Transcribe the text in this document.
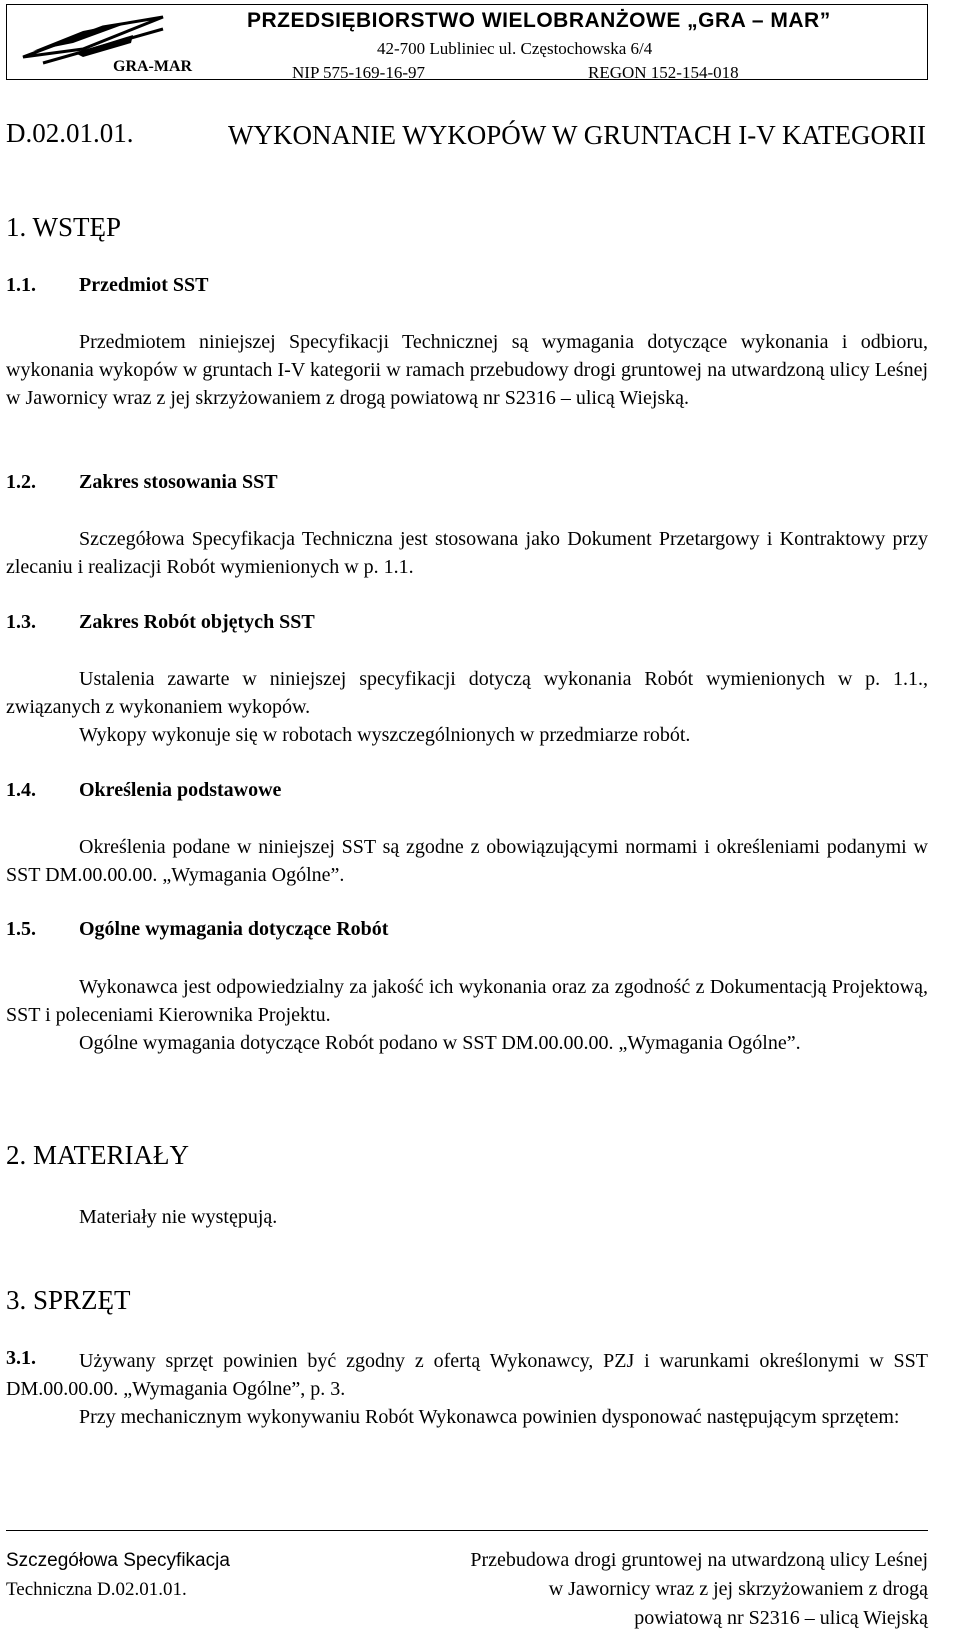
GRA-MAR
PRZEDSIĘBIORSTWO WIELOBRANŻOWE „GRA – MAR”
42-700 Lubliniec ul. Częstochowska 6/4
NIP 575-169-16-97	REGON 152-154-018
D.02.01.01.	WYKONANIE WYKOPÓW W GRUNTACH I-V KATEGORII
1. WSTĘP
1.1. Przedmiot SST
Przedmiotem niniejszej Specyfikacji Technicznej są wymagania dotyczące wykonania i odbioru, wykonania wykopów w gruntach I-V kategorii w ramach przebudowy drogi gruntowej na utwardzoną ulicy Leśnej w Jawornicy wraz z jej skrzyżowaniem z drogą powiatową nr S2316 – ulicą Wiejską.
1.2. Zakres stosowania SST
Szczegółowa Specyfikacja Techniczna jest stosowana jako Dokument Przetargowy i Kontraktowy przy zlecaniu i realizacji Robót wymienionych w p. 1.1.
1.3. Zakres Robót objętych SST
Ustalenia zawarte w niniejszej specyfikacji dotyczą wykonania Robót wymienionych w p. 1.1., związanych z wykonaniem wykopów.
Wykopy wykonuje się w robotach wyszczególnionych w przedmiarze robót.
1.4. Określenia podstawowe
Określenia podane w niniejszej SST są zgodne z obowiązującymi normami i określeniami podanymi w SST DM.00.00.00. „Wymagania Ogólne”.
1.5. Ogólne wymagania dotyczące Robót
Wykonawca jest odpowiedzialny za jakość ich wykonania oraz za zgodność z Dokumentacją Projektową, SST i poleceniami Kierownika Projektu.
Ogólne wymagania dotyczące Robót podano w SST DM.00.00.00. „Wymagania Ogólne”.
2. MATERIAŁY
Materiały nie występują.
3. SPRZĘT
3.1.	Używany sprzęt powinien być zgodny z ofertą Wykonawcy, PZJ i warunkami określonymi w SST DM.00.00.00. „Wymagania Ogólne”, p. 3.
Przy mechanicznym wykonywaniu Robót Wykonawca powinien dysponować następującym sprzętem:
Szczegółowa Specyfikacja
Techniczna D.02.01.01.
Przebudowa drogi gruntowej na utwardzoną ulicy Leśnej
w Jawornicy wraz z jej skrzyżowaniem z drogą
powiatową nr S2316 – ulicą Wiejską
